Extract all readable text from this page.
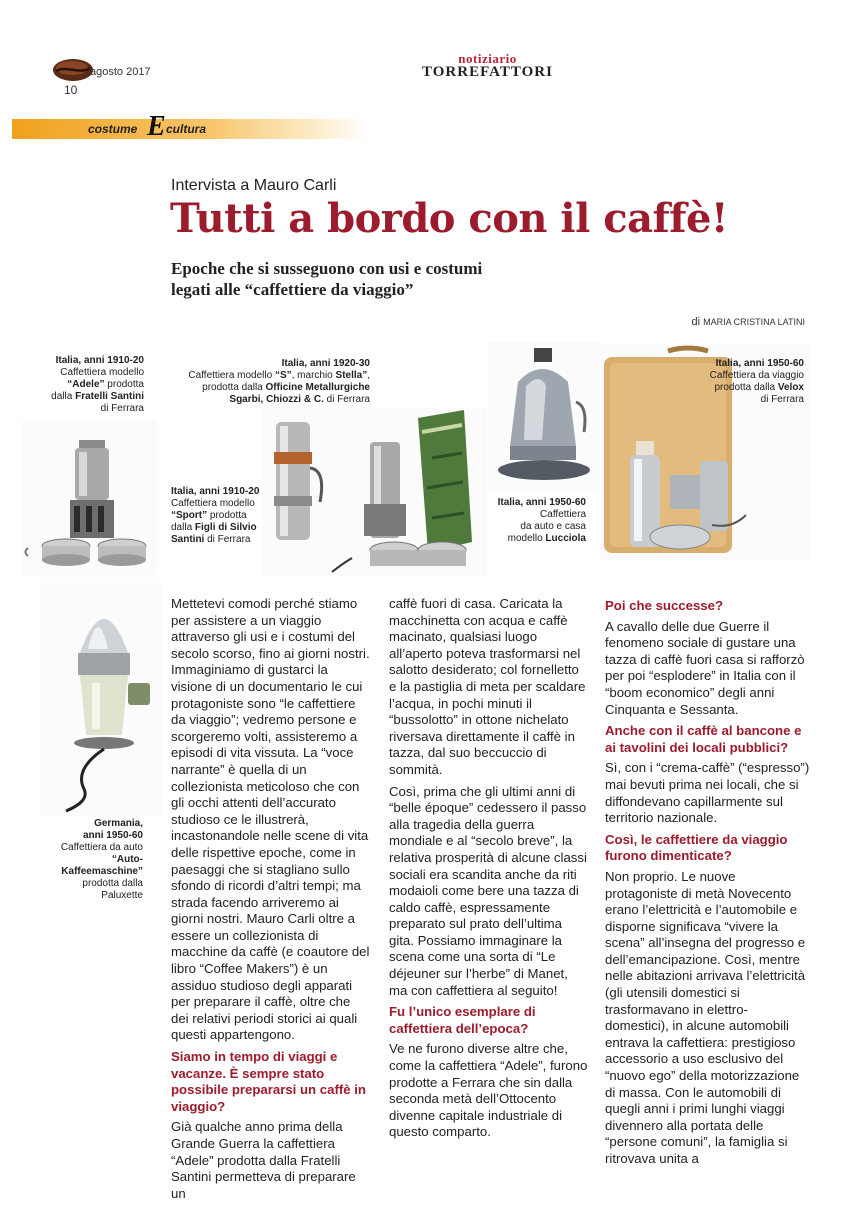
agosto 2017
10
notiziario
TORREFATTORI
costume E cultura
Intervista a Mauro Carli
Tutti a bordo con il caffè!
Epoche che si susseguono con usi e costumi
legati alle “caffettiere da viaggio”
di MARIA CRISTINA LATINI
Italia, anni 1910-20
Caffettiera modello
“Adele” prodotta
dalla Fratelli Santini
di Ferrara
Italia, anni 1920-30
Caffettiera modello “S”, marchio Stella”,
prodotta dalla Officine Metallurgiche
Sgarbi, Chiozzi & C. di Ferrara
Italia, anni 1910-20
Caffettiera modello
“Sport” prodotta
dalla Figli di Silvio
Santini di Ferrara
Italia, anni 1950-60
Caffettiera
da auto e casa
modello Lucciola
Italia, anni 1950-60
Caffettiera da viaggio
prodotta dalla Velox
di Ferrara
Germania,
anni 1950-60
Caffettiera da auto
“Auto-
Kaffeemaschine”
prodotta dalla
Paluxette

Mettetevi comodi perché stiamo per assistere a un viaggio attraverso gli usi e i costumi del secolo scorso, fino ai giorni nostri. Immaginiamo di gustarci la visione di un documentario le cui protagoniste sono “le caffettiere da viaggio”; vedremo persone e scorgeremo volti, assisteremo a episodi di vita vissuta. La “voce narrante” è quella di un collezionista meticoloso che con gli occhi attenti dell’accurato studioso ce le illustrerà, incastonandole nelle scene di vita delle rispettive epoche, come in paesaggi che si stagliano sullo sfondo di ricordi d’altri tempi; ma strada facendo arriveremo ai giorni nostri. Mauro Carli oltre a essere un collezionista di macchine da caffè (e coautore del libro “Coffee Makers”) è un assiduo studioso degli apparati per preparare il caffè, oltre che dei relativi periodi storici ai quali questi appartengono.

Siamo in tempo di viaggi e vacanze. È sempre stato possibile prepararsi un caffè in viaggio?

Già qualche anno prima della Grande Guerra la caffettiera “Adele” prodotta dalla Fratelli Santini permetteva di preparare un

caffè fuori di casa. Caricata la macchinetta con acqua e caffè macinato, qualsiasi luogo all’aperto poteva trasformarsi nel salotto desiderato; col fornelletto e la pastiglia di meta per scaldare l’acqua, in pochi minuti il “bussolotto” in ottone nichelato riversava direttamente il caffè in tazza, dal suo beccuccio di sommità.

Così, prima che gli ultimi anni di “belle époque” cedessero il passo alla tragedia della guerra mondiale e al “secolo breve”, la relativa prosperità di alcune classi sociali era scandita anche da riti modaioli come bere una tazza di caldo caffè, espressamente preparato sul prato dell’ultima gita. Possiamo immaginare la scena come una sorta di “Le déjeuner sur l’herbe” di Manet, ma con caffettiera al seguito!

Fu l’unico esemplare di caffettiera dell’epoca?

Ve ne furono diverse altre che, come la caffettiera “Adele”, furono prodotte a Ferrara che sin dalla seconda metà dell’Ottocento divenne capitale industriale di questo comparto.

Poi che successe?

A cavallo delle due Guerre il fenomeno sociale di gustare una tazza di caffè fuori casa si rafforzò per poi “esplodere” in Italia con il “boom economico” degli anni Cinquanta e Sessanta.

Anche con il caffè al bancone e ai tavolini dei locali pubblici?

Sì, con i “crema-caffè” (“espresso”) mai bevuti prima nei locali, che si diffondevano capillarmente sul territorio nazionale.

Così, le caffettiere da viaggio furono dimenticate?

Non proprio. Le nuove protagoniste di metà Novecento erano l’elettricità e l’automobile e disporne significava “vivere la scena” all’insegna del progresso e dell’emancipazione. Così, mentre nelle abitazioni arrivava l’elettricità (gli utensili domestici si trasformavano in elettro-domestici), in alcune automobili entrava la caffettiera: prestigioso accessorio a uso esclusivo del “nuovo ego” della motorizzazione di massa. Con le automobili di quegli anni i primi lunghi viaggi divennero alla portata delle “persone comuni”, la famiglia si ritrovava unita a
